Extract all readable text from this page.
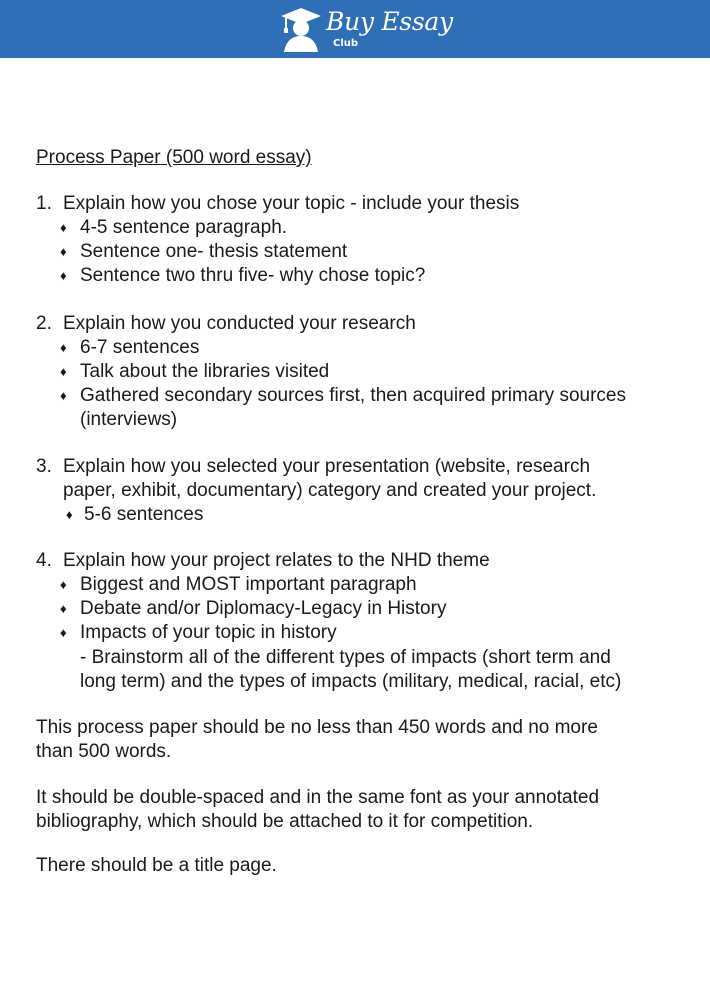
Buy Essay
Club
Process Paper (500 word essay)
1. Explain how you chose your topic - include your thesis
♦ 4-5 sentence paragraph.
♦ Sentence one- thesis statement
♦ Sentence two thru five- why chose topic?
2. Explain how you conducted your research
♦ 6-7 sentences
♦ Talk about the libraries visited
♦ Gathered secondary sources first, then acquired primary sources
(interviews)
3. Explain how you selected your presentation (website, research
paper, exhibit, documentary) category and created your project.
♦ 5-6 sentences
4. Explain how your project relates to the NHD theme
♦ Biggest and MOST important paragraph
♦ Debate and/or Diplomacy-Legacy in History
♦ Impacts of your topic in history
- Brainstorm all of the different types of impacts (short term and
long term) and the types of impacts (military, medical, racial, etc)
This process paper should be no less than 450 words and no more
than 500 words.
It should be double-spaced and in the same font as your annotated
bibliography, which should be attached to it for competition.
There should be a title page.
